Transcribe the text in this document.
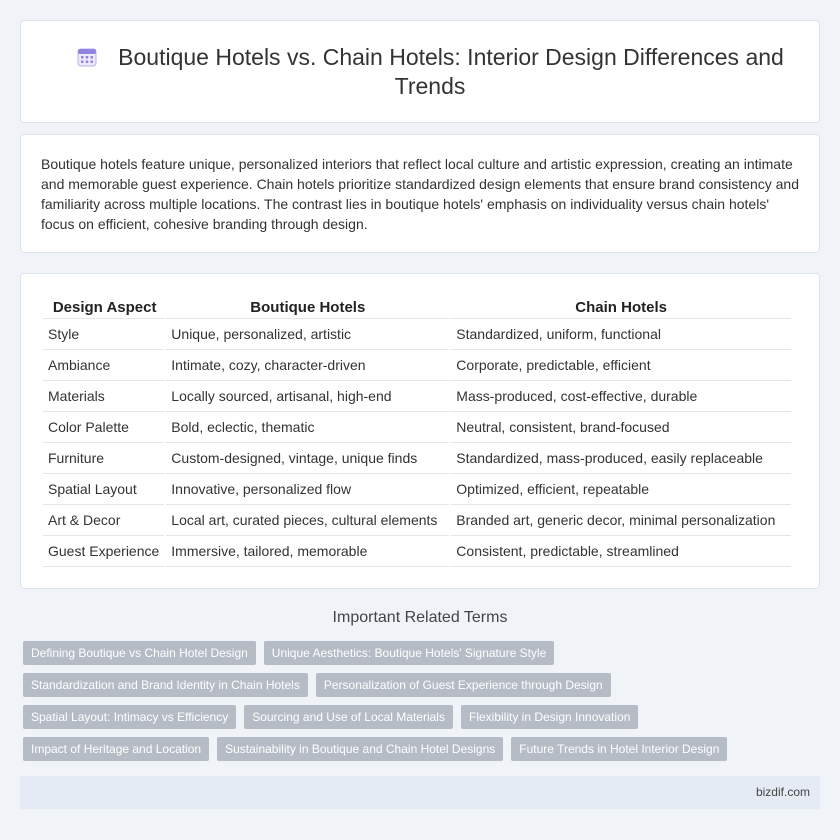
Boutique Hotels vs. Chain Hotels: Interior Design Differences and Trends

Boutique hotels feature unique, personalized interiors that reflect local culture and artistic expression, creating an intimate and memorable guest experience. Chain hotels prioritize standardized design elements that ensure brand consistency and familiarity across multiple locations. The contrast lies in boutique hotels' emphasis on individuality versus chain hotels' focus on efficient, cohesive branding through design.

Design Aspect	Boutique Hotels	Chain Hotels
Style	Unique, personalized, artistic	Standardized, uniform, functional
Ambiance	Intimate, cozy, character-driven	Corporate, predictable, efficient
Materials	Locally sourced, artisanal, high-end	Mass-produced, cost-effective, durable
Color Palette	Bold, eclectic, thematic	Neutral, consistent, brand-focused
Furniture	Custom-designed, vintage, unique finds	Standardized, mass-produced, easily replaceable
Spatial Layout	Innovative, personalized flow	Optimized, efficient, repeatable
Art & Decor	Local art, curated pieces, cultural elements	Branded art, generic decor, minimal personalization
Guest Experience	Immersive, tailored, memorable	Consistent, predictable, streamlined
Important Related Terms
Defining Boutique vs Chain Hotel Design	Unique Aesthetics: Boutique Hotels' Signature Style
Standardization and Brand Identity in Chain Hotels	Personalization of Guest Experience through Design
Spatial Layout: Intimacy vs Efficiency	Sourcing and Use of Local Materials	Flexibility in Design Innovation
Impact of Heritage and Location	Sustainability in Boutique and Chain Hotel Designs	Future Trends in Hotel Interior Design
bizdif.com
